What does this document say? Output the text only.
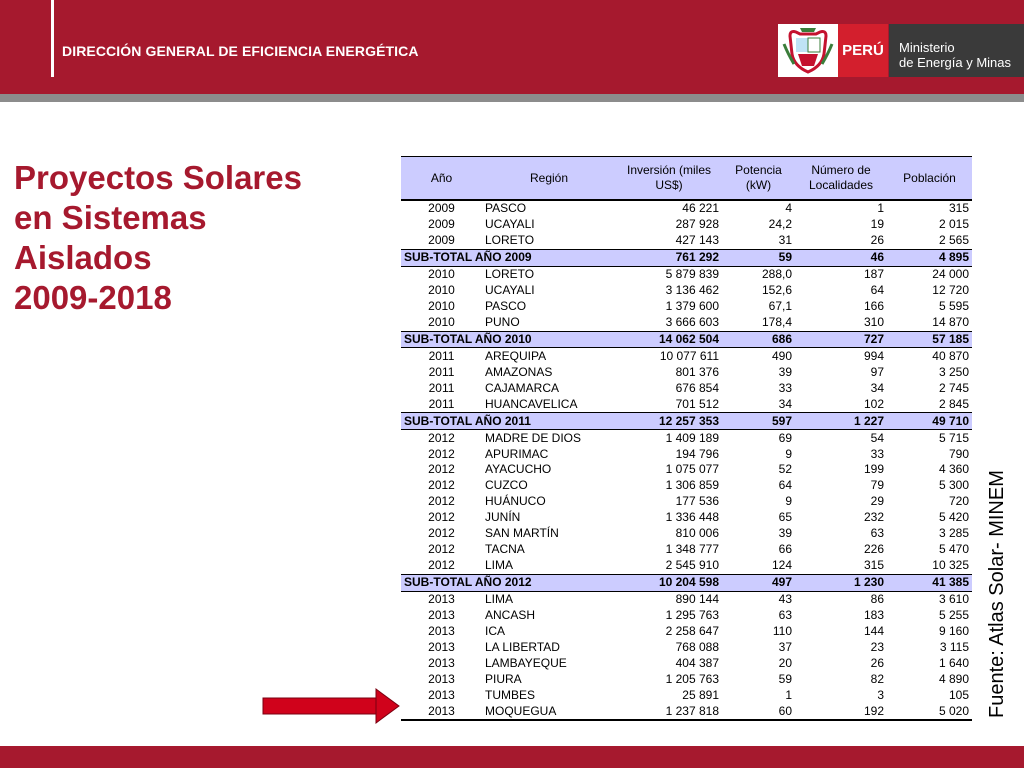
DIRECCIÓN GENERAL DE EFICIENCIA ENERGÉTICA	PERÚ	Ministerio
de Energía y Minas
Proyectos Solares
en Sistemas
Aislados
2009-2018
Año	Región	Inversión (miles US$)	Potencia (kW)	Número de Localidades	Población
2009	PASCO	46 221	4	1	315
2009	UCAYALI	287 928	24,2	19	2 015
2009	LORETO	427 143	31	26	2 565
SUB-TOTAL AÑO 2009		761 292	59	46	4 895
2010	LORETO	5 879 839	288,0	187	24 000
2010	UCAYALI	3 136 462	152,6	64	12 720
2010	PASCO	1 379 600	67,1	166	5 595
2010	PUNO	3 666 603	178,4	310	14 870
SUB-TOTAL AÑO 2010		14 062 504	686	727	57 185
2011	AREQUIPA	10 077 611	490	994	40 870
2011	AMAZONAS	801 376	39	97	3 250
2011	CAJAMARCA	676 854	33	34	2 745
2011	HUANCAVELICA	701 512	34	102	2 845
SUB-TOTAL AÑO 2011		12 257 353	597	1 227	49 710
2012	MADRE DE DIOS	1 409 189	69	54	5 715
2012	APURIMAC	194 796	9	33	790
2012	AYACUCHO	1 075 077	52	199	4 360
2012	CUZCO	1 306 859	64	79	5 300
2012	HUÁNUCO	177 536	9	29	720
2012	JUNÍN	1 336 448	65	232	5 420
2012	SAN MARTÍN	810 006	39	63	3 285
2012	TACNA	1 348 777	66	226	5 470
2012	LIMA	2 545 910	124	315	10 325
SUB-TOTAL AÑO 2012		10 204 598	497	1 230	41 385
2013	LIMA	890 144	43	86	3 610
2013	ANCASH	1 295 763	63	183	5 255
2013	ICA	2 258 647	110	144	9 160
2013	LA LIBERTAD	768 088	37	23	3 115
2013	LAMBAYEQUE	404 387	20	26	1 640
2013	PIURA	1 205 763	59	82	4 890
2013	TUMBES	25 891	1	3	105
2013	MOQUEGUA	1 237 818	60	192	5 020 Fuente: Atlas Solar- MINEM
